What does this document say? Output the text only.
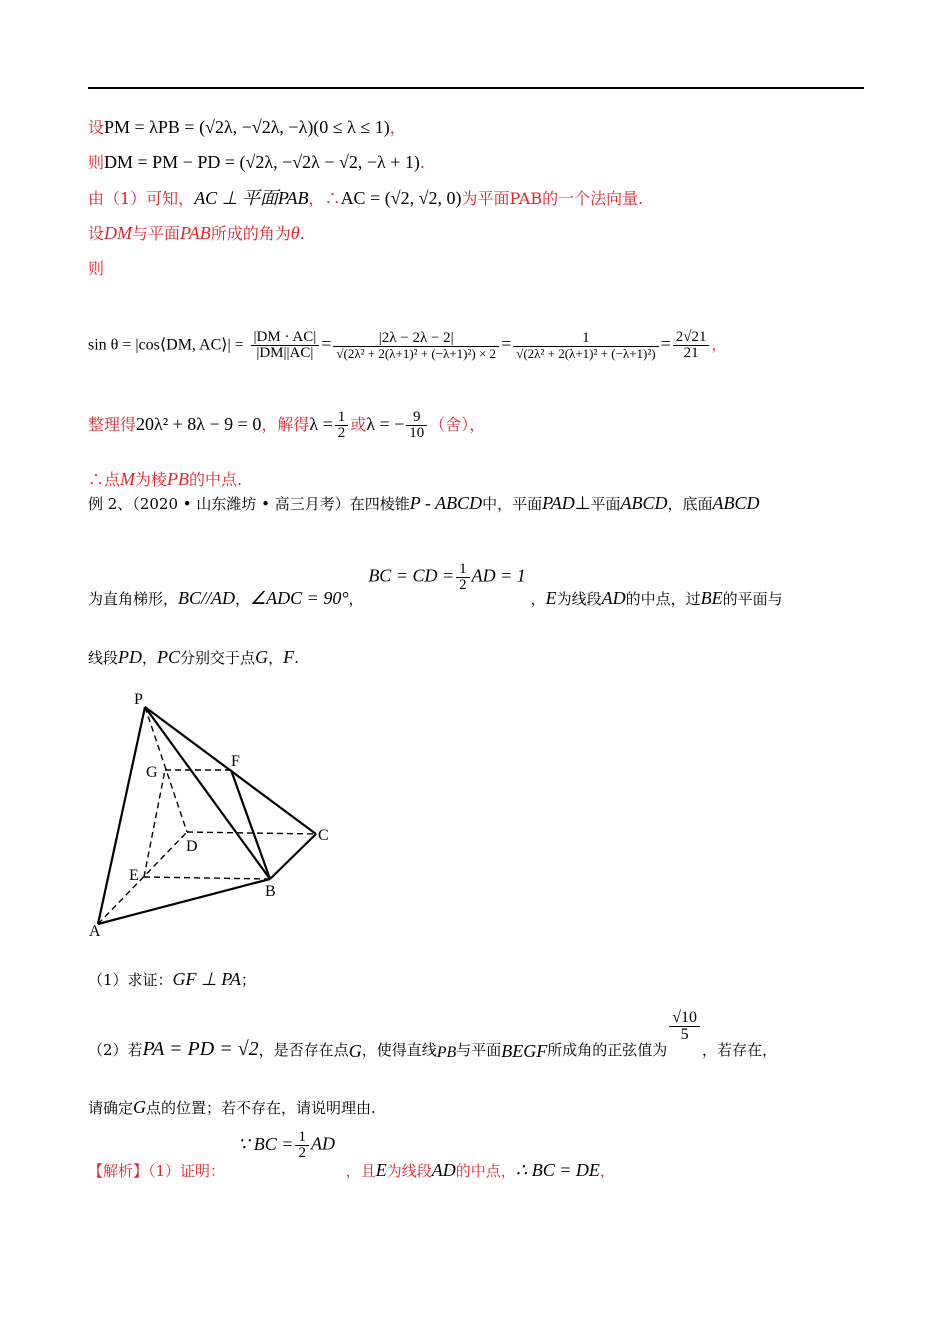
设PM = λPB = (√2λ, −√2λ, −λ)(0 ≤ λ ≤ 1)，
则DM = PM − PD = (√2λ, −√2λ − √2, −λ + 1).
由（1）可知，AC ⊥ 平面PAB，∴AC = (√2, √2, 0)为平面PAB的一个法向量.
设DM与平面PAB所成的角为θ.
则
sin θ = |cos⟨DM, AC⟩| = $\frac{|DM \cdot AC|}{|DM||AC|} = \frac{|2\lambda - 2\lambda - 2|}{\text{√(2λ² + 2(λ+1)² + (−λ+1)²) × 2}} = \frac{1}{\text{√(2λ² + 2(λ+1)² + (−λ+1)²)}} = \frac{2√21}{21}$ ，
整理得20λ² + 8λ − 9 = 0，解得$\lambda = \frac{1}{2}$ 或λ = − $\frac{9}{10}$ （舍），
∴点M为棱PB的中点.
例 2、（2020 • 山东潍坊 • 高三月考）在四棱锥P - ABCD中，平面PAD⊥平面ABCD，底面ABCD
为直角梯形，BC//AD，∠ADC = 90°， BC = CD = $\frac{1}{2}$ AD = 1 ，E为线段AD的中点，过BE的平面与
线段PD，PC分别交于点G，F.
P
G
F
C
D
E
B
A
（1）求证：GF ⊥ PA；
（2）若PA = PD = √2，是否存在点G，使得直线PB与平面BEGF所成角的正弦值为
$\frac{√10}{5}$
，若存在，
请确定G点的位置；若不存在，请说明理由.
【解析】（1）证明： ∵ BC = $\frac{1}{2}$ AD ，且E为线段AD的中点，∴ BC = DE，
